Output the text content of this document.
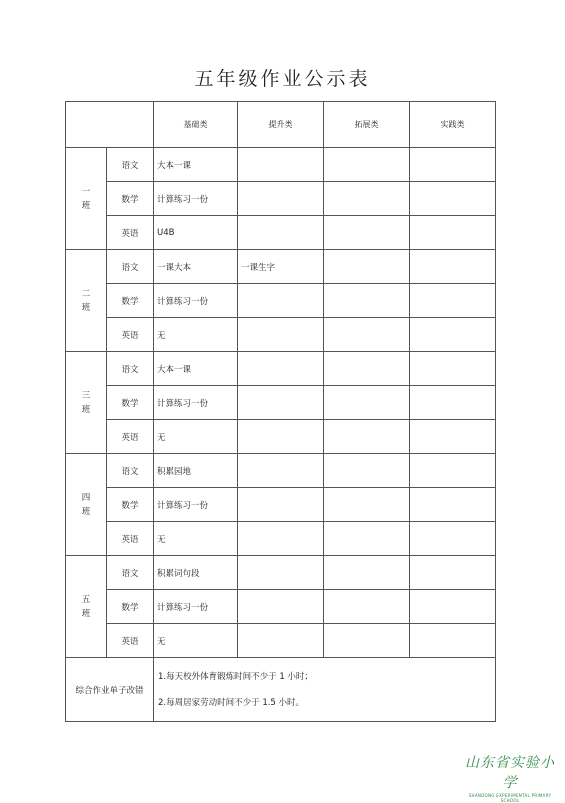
五年级作业公示表
		基础类	提升类	拓展类	实践类

一
班	语文	大本一课			
	数学	计算练习一份			
	英语	U4B			

二
班	语文	一课大本	一课生字		
	数学	计算练习一份			
	英语	无			

三
班	语文	大本一课			
	数学	计算练习一份			
	英语	无			

四
班	语文	积累园地			
	数学	计算练习一份			
	英语	无			

五
班	语文	积累词句段			
	数学	计算练习一份			
	英语	无			
综合作业单子改错		1.每天校外体育锻炼时间不少于 1 小时；
2.每周居家劳动时间不少于 1.5 小时。			
山东省实验小学
SHANDONG EXPERIMENTAL PRIMARY SCHOOL
